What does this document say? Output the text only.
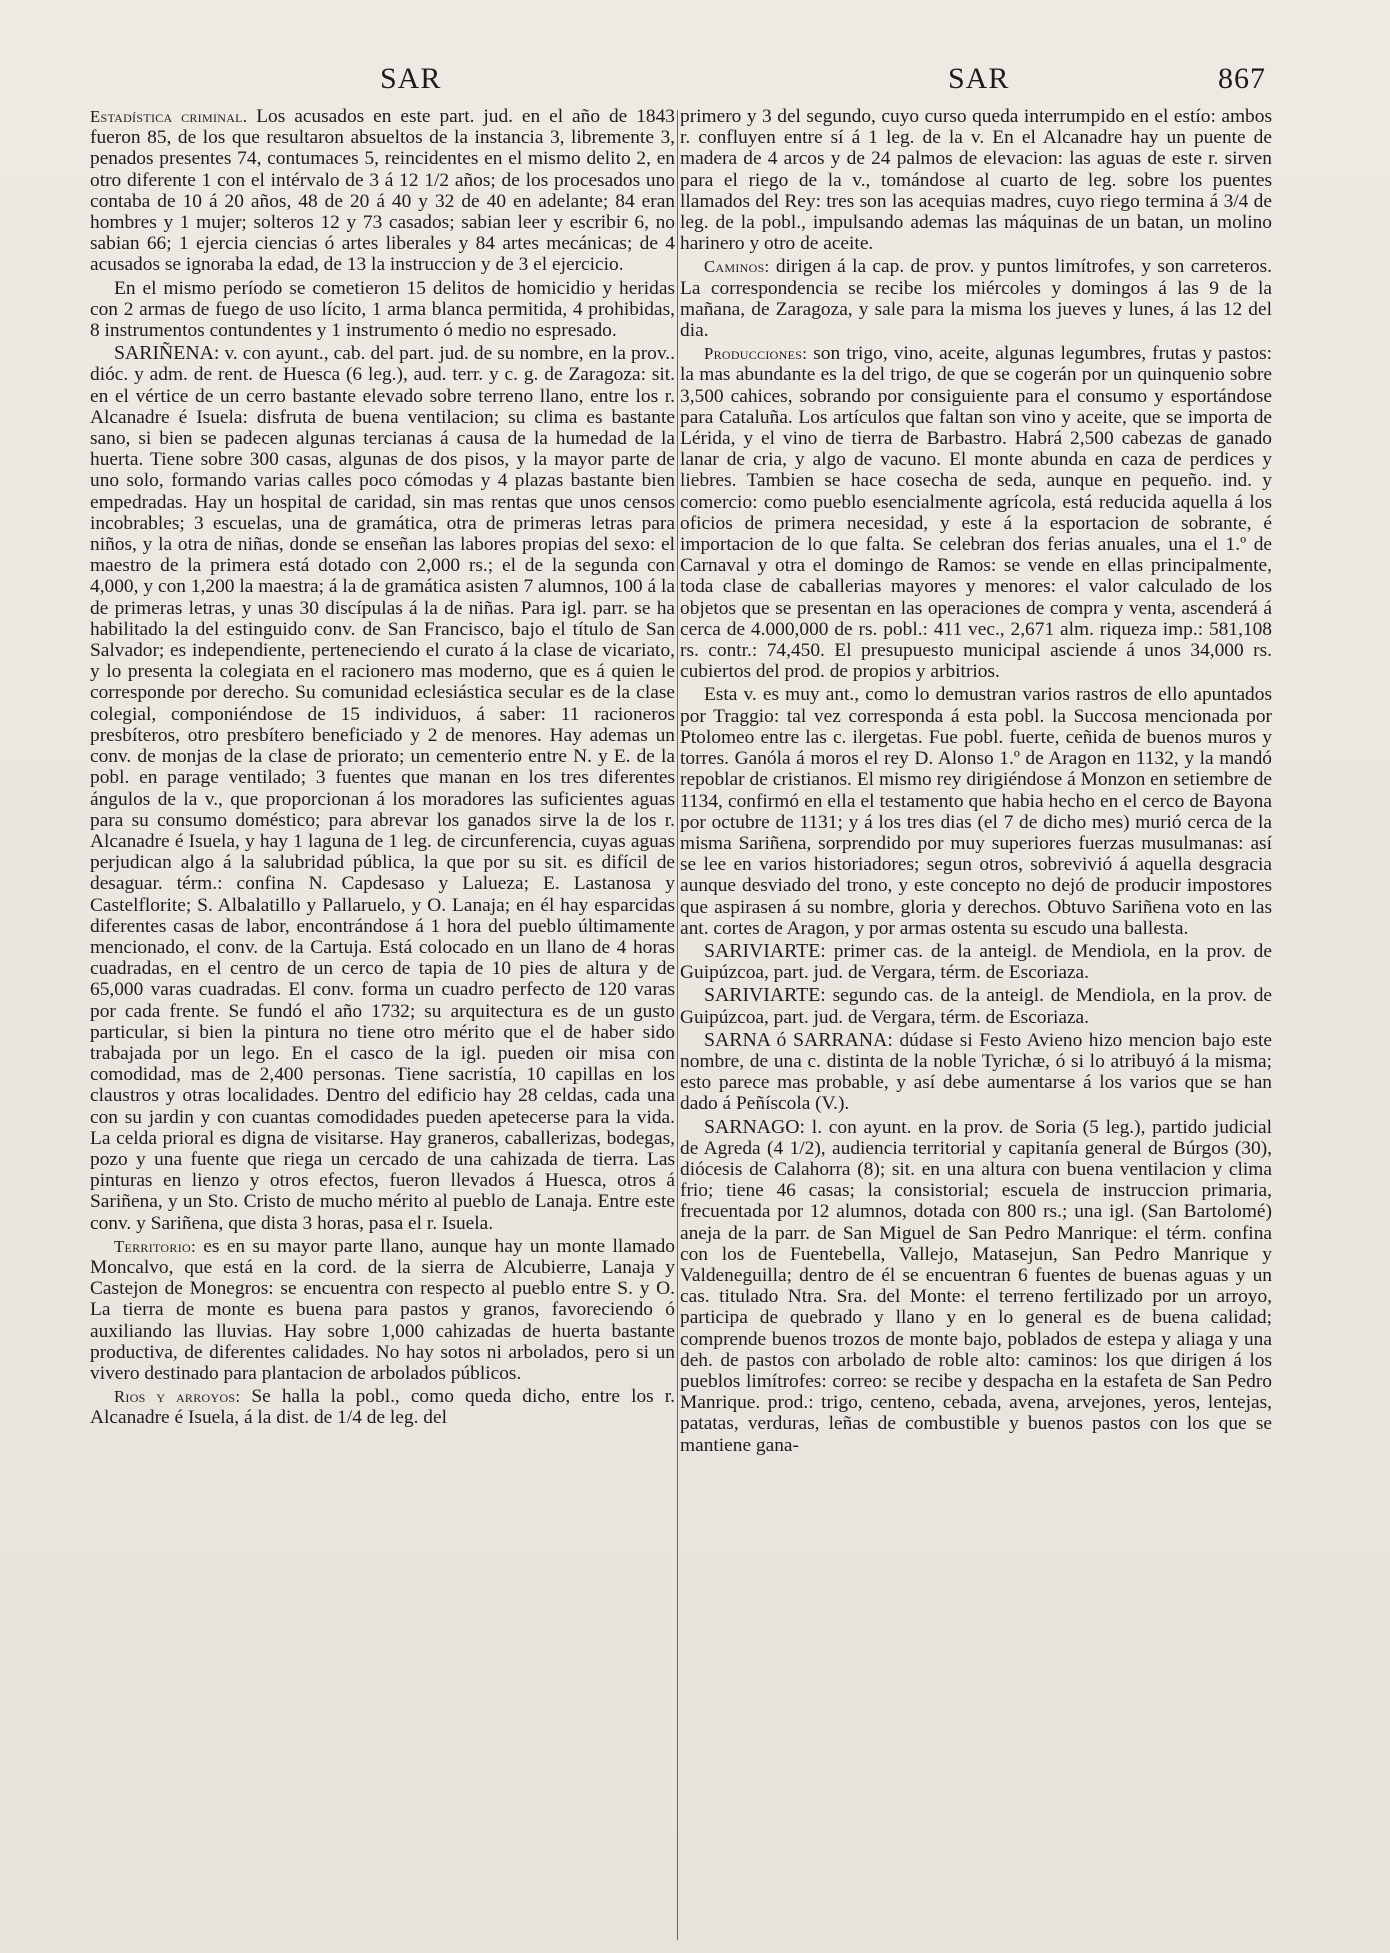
SAR	SAR	867

Estadística criminal. Los acusados en este part. jud. en el año de 1843 fueron 85, de los que resultaron absueltos de la instancia 3, libremente 3, penados presentes 74, contumaces 5, reincidentes en el mismo delito 2, en otro diferente 1 con el intérvalo de 3 á 12 1/2 años; de los procesados uno contaba de 10 á 20 años, 48 de 20 á 40 y 32 de 40 en adelante; 84 eran hombres y 1 mujer; solteros 12 y 73 casados; sabian leer y escribir 6, no sabian 66; 1 ejercia ciencias ó artes liberales y 84 artes mecánicas; de 4 acusados se ignoraba la edad, de 13 la instruccion y de 3 el ejercicio.

En el mismo período se cometieron 15 delitos de homicidio y heridas con 2 armas de fuego de uso lícito, 1 arma blanca permitida, 4 prohibidas, 8 instrumentos contundentes y 1 instrumento ó medio no espresado.

SARIÑENA: v. con ayunt., cab. del part. jud. de su nombre, en la prov.. dióc. y adm. de rent. de Huesca (6 leg.), aud. terr. y c. g. de Zaragoza: sit. en el vértice de un cerro bastante elevado sobre terreno llano, entre los r. Alcanadre é Isuela: disfruta de buena ventilacion; su clima es bastante sano, si bien se padecen algunas tercianas á causa de la humedad de la huerta. Tiene sobre 300 casas, algunas de dos pisos, y la mayor parte de uno solo, formando varias calles poco cómodas y 4 plazas bastante bien empedradas. Hay un hospital de caridad, sin mas rentas que unos censos incobrables; 3 escuelas, una de gramática, otra de primeras letras para niños, y la otra de niñas, donde se enseñan las labores propias del sexo: el maestro de la primera está dotado con 2,000 rs.; el de la segunda con 4,000, y con 1,200 la maestra; á la de gramática asisten 7 alumnos, 100 á la de primeras letras, y unas 30 discípulas á la de niñas. Para igl. parr. se ha habilitado la del estinguido conv. de San Francisco, bajo el título de San Salvador; es independiente, perteneciendo el curato á la clase de vicariato, y lo presenta la colegiata en el racionero mas moderno, que es á quien le corresponde por derecho. Su comunidad eclesiástica secular es de la clase colegial, componiéndose de 15 individuos, á saber: 11 racioneros presbíteros, otro presbítero beneficiado y 2 de menores. Hay ademas un conv. de monjas de la clase de priorato; un cementerio entre N. y E. de la pobl. en parage ventilado; 3 fuentes que manan en los tres diferentes ángulos de la v., que proporcionan á los moradores las suficientes aguas para su consumo doméstico; para abrevar los ganados sirve la de los r. Alcanadre é Isuela, y hay 1 laguna de 1 leg. de circunferencia, cuyas aguas perjudican algo á la salubridad pública, la que por su sit. es difícil de desaguar. térm.: confina N. Capdesaso y Lalueza; E. Lastanosa y Castelflorite; S. Albalatillo y Pallaruelo, y O. Lanaja; en él hay esparcidas diferentes casas de labor, encontrándose á 1 hora del pueblo últimamente mencionado, el conv. de la Cartuja. Está colocado en un llano de 4 horas cuadradas, en el centro de un cerco de tapia de 10 pies de altura y de 65,000 varas cuadradas. El conv. forma un cuadro perfecto de 120 varas por cada frente. Se fundó el año 1732; su arquitectura es de un gusto particular, si bien la pintura no tiene otro mérito que el de haber sido trabajada por un lego. En el casco de la igl. pueden oir misa con comodidad, mas de 2,400 personas. Tiene sacristía, 10 capillas en los claustros y otras localidades. Dentro del edificio hay 28 celdas, cada una con su jardin y con cuantas comodidades pueden apetecerse para la vida. La celda prioral es digna de visitarse. Hay graneros, caballerizas, bodegas, pozo y una fuente que riega un cercado de una cahizada de tierra. Las pinturas en lienzo y otros efectos, fueron llevados á Huesca, otros á Sariñena, y un Sto. Cristo de mucho mérito al pueblo de Lanaja. Entre este conv. y Sariñena, que dista 3 horas, pasa el r. Isuela.

Territorio: es en su mayor parte llano, aunque hay un monte llamado Moncalvo, que está en la cord. de la sierra de Alcubierre, Lanaja y Castejon de Monegros: se encuentra con respecto al pueblo entre S. y O. La tierra de monte es buena para pastos y granos, favoreciendo ó auxiliando las lluvias. Hay sobre 1,000 cahizadas de huerta bastante productiva, de diferentes calidades. No hay sotos ni arbolados, pero si un vivero destinado para plantacion de arbolados públicos.

Rios y arroyos: Se halla la pobl., como queda dicho, entre los r. Alcanadre é Isuela, á la dist. de 1/4 de leg. del

primero y 3 del segundo, cuyo curso queda interrumpido en el estío: ambos r. confluyen entre sí á 1 leg. de la v. En el Alcanadre hay un puente de madera de 4 arcos y de 24 palmos de elevacion: las aguas de este r. sirven para el riego de la v., tomándose al cuarto de leg. sobre los puentes llamados del Rey: tres son las acequias madres, cuyo riego termina á 3/4 de leg. de la pobl., impulsando ademas las máquinas de un batan, un molino harinero y otro de aceite.

Caminos: dirigen á la cap. de prov. y puntos limítrofes, y son carreteros. La correspondencia se recibe los miércoles y domingos á las 9 de la mañana, de Zaragoza, y sale para la misma los jueves y lunes, á las 12 del dia.

Producciones: son trigo, vino, aceite, algunas legumbres, frutas y pastos: la mas abundante es la del trigo, de que se cogerán por un quinquenio sobre 3,500 cahices, sobrando por consiguiente para el consumo y esportándose para Cataluña. Los artículos que faltan son vino y aceite, que se importa de Lérida, y el vino de tierra de Barbastro. Habrá 2,500 cabezas de ganado lanar de cria, y algo de vacuno. El monte abunda en caza de perdices y liebres. Tambien se hace cosecha de seda, aunque en pequeño. ind. y comercio: como pueblo esencialmente agrícola, está reducida aquella á los oficios de primera necesidad, y este á la esportacion de sobrante, é importacion de lo que falta. Se celebran dos ferias anuales, una el 1.º de Carnaval y otra el domingo de Ramos: se vende en ellas principalmente, toda clase de caballerias mayores y menores: el valor calculado de los objetos que se presentan en las operaciones de compra y venta, ascenderá á cerca de 4.000,000 de rs. pobl.: 411 vec., 2,671 alm. riqueza imp.: 581,108 rs. contr.: 74,450. El presupuesto municipal asciende á unos 34,000 rs. cubiertos del prod. de propios y arbitrios.

Esta v. es muy ant., como lo demustran varios rastros de ello apuntados por Traggio: tal vez corresponda á esta pobl. la Succosa mencionada por Ptolomeo entre las c. ilergetas. Fue pobl. fuerte, ceñida de buenos muros y torres. Ganóla á moros el rey D. Alonso 1.º de Aragon en 1132, y la mandó repoblar de cristianos. El mismo rey dirigiéndose á Monzon en setiembre de 1134, confirmó en ella el testamento que habia hecho en el cerco de Bayona por octubre de 1131; y á los tres dias (el 7 de dicho mes) murió cerca de la misma Sariñena, sorprendido por muy superiores fuerzas musulmanas: así se lee en varios historiadores; segun otros, sobrevivió á aquella desgracia aunque desviado del trono, y este concepto no dejó de producir impostores que aspirasen á su nombre, gloria y derechos. Obtuvo Sariñena voto en las ant. cortes de Aragon, y por armas ostenta su escudo una ballesta.

SARIVIARTE: primer cas. de la anteigl. de Mendiola, en la prov. de Guipúzcoa, part. jud. de Vergara, térm. de Escoriaza.

SARIVIARTE: segundo cas. de la anteigl. de Mendiola, en la prov. de Guipúzcoa, part. jud. de Vergara, térm. de Escoriaza.

SARNA ó SARRANA: dúdase si Festo Avieno hizo mencion bajo este nombre, de una c. distinta de la noble Tyrichæ, ó si lo atribuyó á la misma; esto parece mas probable, y así debe aumentarse á los varios que se han dado á Peñíscola (V.).

SARNAGO: l. con ayunt. en la prov. de Soria (5 leg.), partido judicial de Agreda (4 1/2), audiencia territorial y capitanía general de Búrgos (30), diócesis de Calahorra (8); sit. en una altura con buena ventilacion y clima frio; tiene 46 casas; la consistorial; escuela de instruccion primaria, frecuentada por 12 alumnos, dotada con 800 rs.; una igl. (San Bartolomé) aneja de la parr. de San Miguel de San Pedro Manrique: el térm. confina con los de Fuentebella, Vallejo, Matasejun, San Pedro Manrique y Valdeneguilla; dentro de él se encuentran 6 fuentes de buenas aguas y un cas. titulado Ntra. Sra. del Monte: el terreno fertilizado por un arroyo, participa de quebrado y llano y en lo general es de buena calidad; comprende buenos trozos de monte bajo, poblados de estepa y aliaga y una deh. de pastos con arbolado de roble alto: caminos: los que dirigen á los pueblos limítrofes: correo: se recibe y despacha en la estafeta de San Pedro Manrique. prod.: trigo, centeno, cebada, avena, arvejones, yeros, lentejas, patatas, verduras, leñas de combustible y buenos pastos con los que se mantiene gana-
